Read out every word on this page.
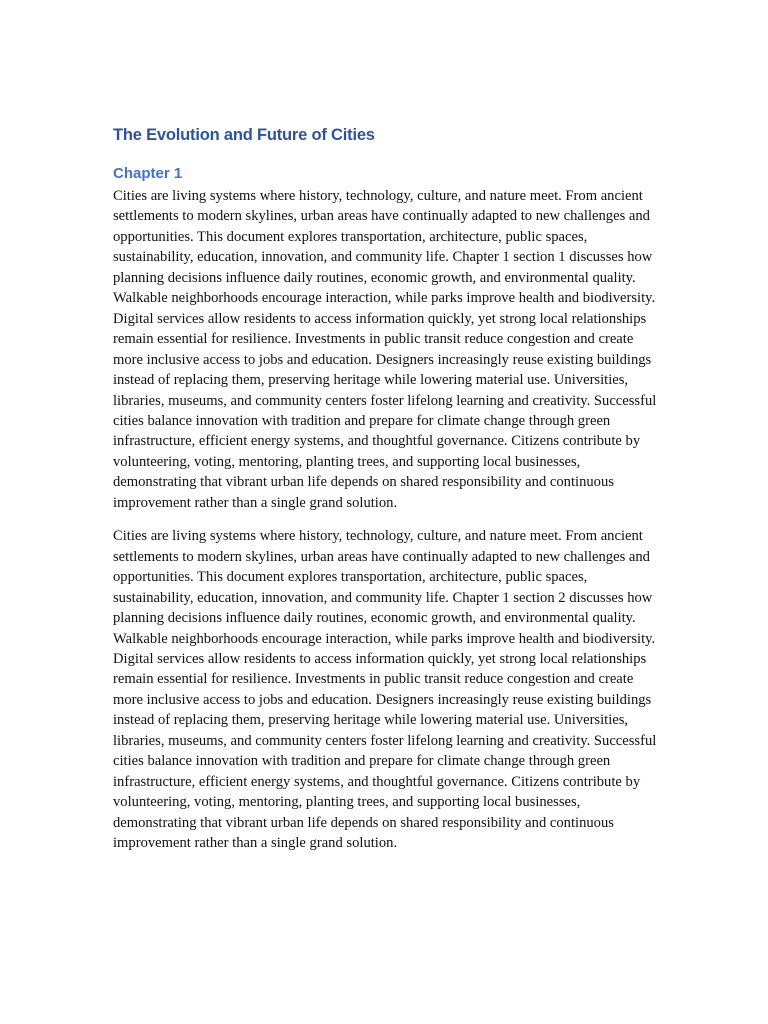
The Evolution and Future of Cities
Chapter 1

Cities are living systems where history, technology, culture, and nature meet. From ancient settlements to modern skylines, urban areas have continually adapted to new challenges and opportunities. This document explores transportation, architecture, public spaces, sustainability, education, innovation, and community life. Chapter 1 section 1 discusses how planning decisions influence daily routines, economic growth, and environmental quality. Walkable neighborhoods encourage interaction, while parks improve health and biodiversity. Digital services allow residents to access information quickly, yet strong local relationships remain essential for resilience. Investments in public transit reduce congestion and create more inclusive access to jobs and education. Designers increasingly reuse existing buildings instead of replacing them, preserving heritage while lowering material use. Universities, libraries, museums, and community centers foster lifelong learning and creativity. Successful cities balance innovation with tradition and prepare for climate change through green infrastructure, efficient energy systems, and thoughtful governance. Citizens contribute by volunteering, voting, mentoring, planting trees, and supporting local businesses, demonstrating that vibrant urban life depends on shared responsibility and continuous improvement rather than a single grand solution.

Cities are living systems where history, technology, culture, and nature meet. From ancient settlements to modern skylines, urban areas have continually adapted to new challenges and opportunities. This document explores transportation, architecture, public spaces, sustainability, education, innovation, and community life. Chapter 1 section 2 discusses how planning decisions influence daily routines, economic growth, and environmental quality. Walkable neighborhoods encourage interaction, while parks improve health and biodiversity. Digital services allow residents to access information quickly, yet strong local relationships remain essential for resilience. Investments in public transit reduce congestion and create more inclusive access to jobs and education. Designers increasingly reuse existing buildings instead of replacing them, preserving heritage while lowering material use. Universities, libraries, museums, and community centers foster lifelong learning and creativity. Successful cities balance innovation with tradition and prepare for climate change through green infrastructure, efficient energy systems, and thoughtful governance. Citizens contribute by volunteering, voting, mentoring, planting trees, and supporting local businesses, demonstrating that vibrant urban life depends on shared responsibility and continuous improvement rather than a single grand solution.
